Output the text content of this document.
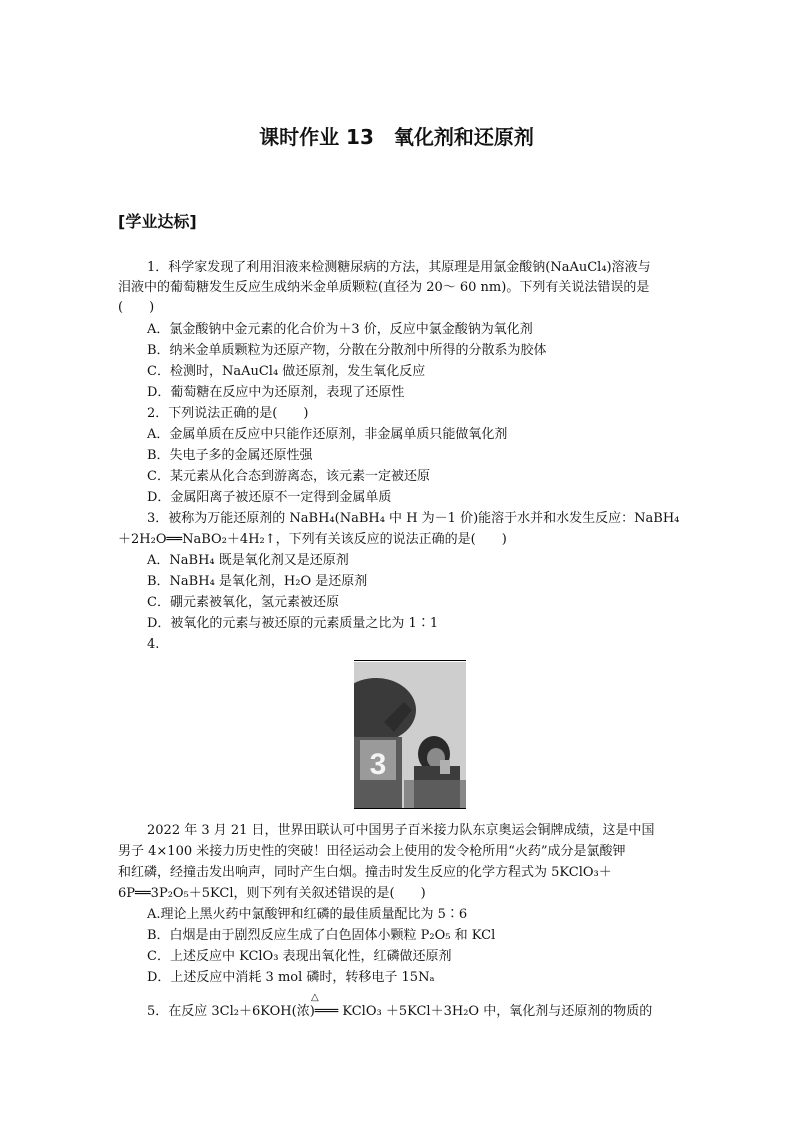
课时作业 13　氧化剂和还原剂
[学业达标]
1．科学家发现了利用泪液来检测糖尿病的方法，其原理是用氯金酸钠(NaAuCl₄)溶液与
泪液中的葡萄糖发生反应生成纳米金单质颗粒(直径为 20～ 60 nm)。下列有关说法错误的是
(　　)
A．氯金酸钠中金元素的化合价为＋3 价，反应中氯金酸钠为氧化剂
B．纳米金单质颗粒为还原产物，分散在分散剂中所得的分散系为胶体
C．检测时，NaAuCl₄ 做还原剂，发生氧化反应
D．葡萄糖在反应中为还原剂，表现了还原性
2．下列说法正确的是(　　)
A．金属单质在反应中只能作还原剂，非金属单质只能做氧化剂
B．失电子多的金属还原性强
C．某元素从化合态到游离态，该元素一定被还原
D．金属阳离子被还原不一定得到金属单质
3．被称为万能还原剂的 NaBH₄(NaBH₄ 中 H 为－1 价)能溶于水并和水发生反应：NaBH₄
＋2H₂O══NaBO₂＋4H₂↑，下列有关该反应的说法正确的是(　　)
A．NaBH₄ 既是氧化剂又是还原剂
B．NaBH₄ 是氧化剂，H₂O 是还原剂
C．硼元素被氧化，氢元素被还原
D．被氧化的元素与被还原的元素质量之比为 1∶1
4.
3
2022 年 3 月 21 日，世界田联认可中国男子百米接力队东京奥运会铜牌成绩，这是中国
男子 4×100 米接力历史性的突破！田径运动会上使用的发令枪所用“火药”成分是氯酸钾
和红磷，经撞击发出响声，同时产生白烟。撞击时发生反应的化学方程式为 5KClO₃＋
6P══3P₂O₅＋5KCl，则下列有关叙述错误的是(　　)
A.理论上黑火药中氯酸钾和红磷的最佳质量配比为 5∶6
B．白烟是由于剧烈反应生成了白色固体小颗粒 P₂O₅ 和 KCl
C．上述反应中 KClO₃ 表现出氧化性，红磷做还原剂
D．上述反应中消耗 3 mol 磷时，转移电子 15Nₐ
△
5．在反应 3Cl₂＋6KOH(浓)═══ KClO₃ ＋5KCl＋3H₂O 中，氧化剂与还原剂的物质的
